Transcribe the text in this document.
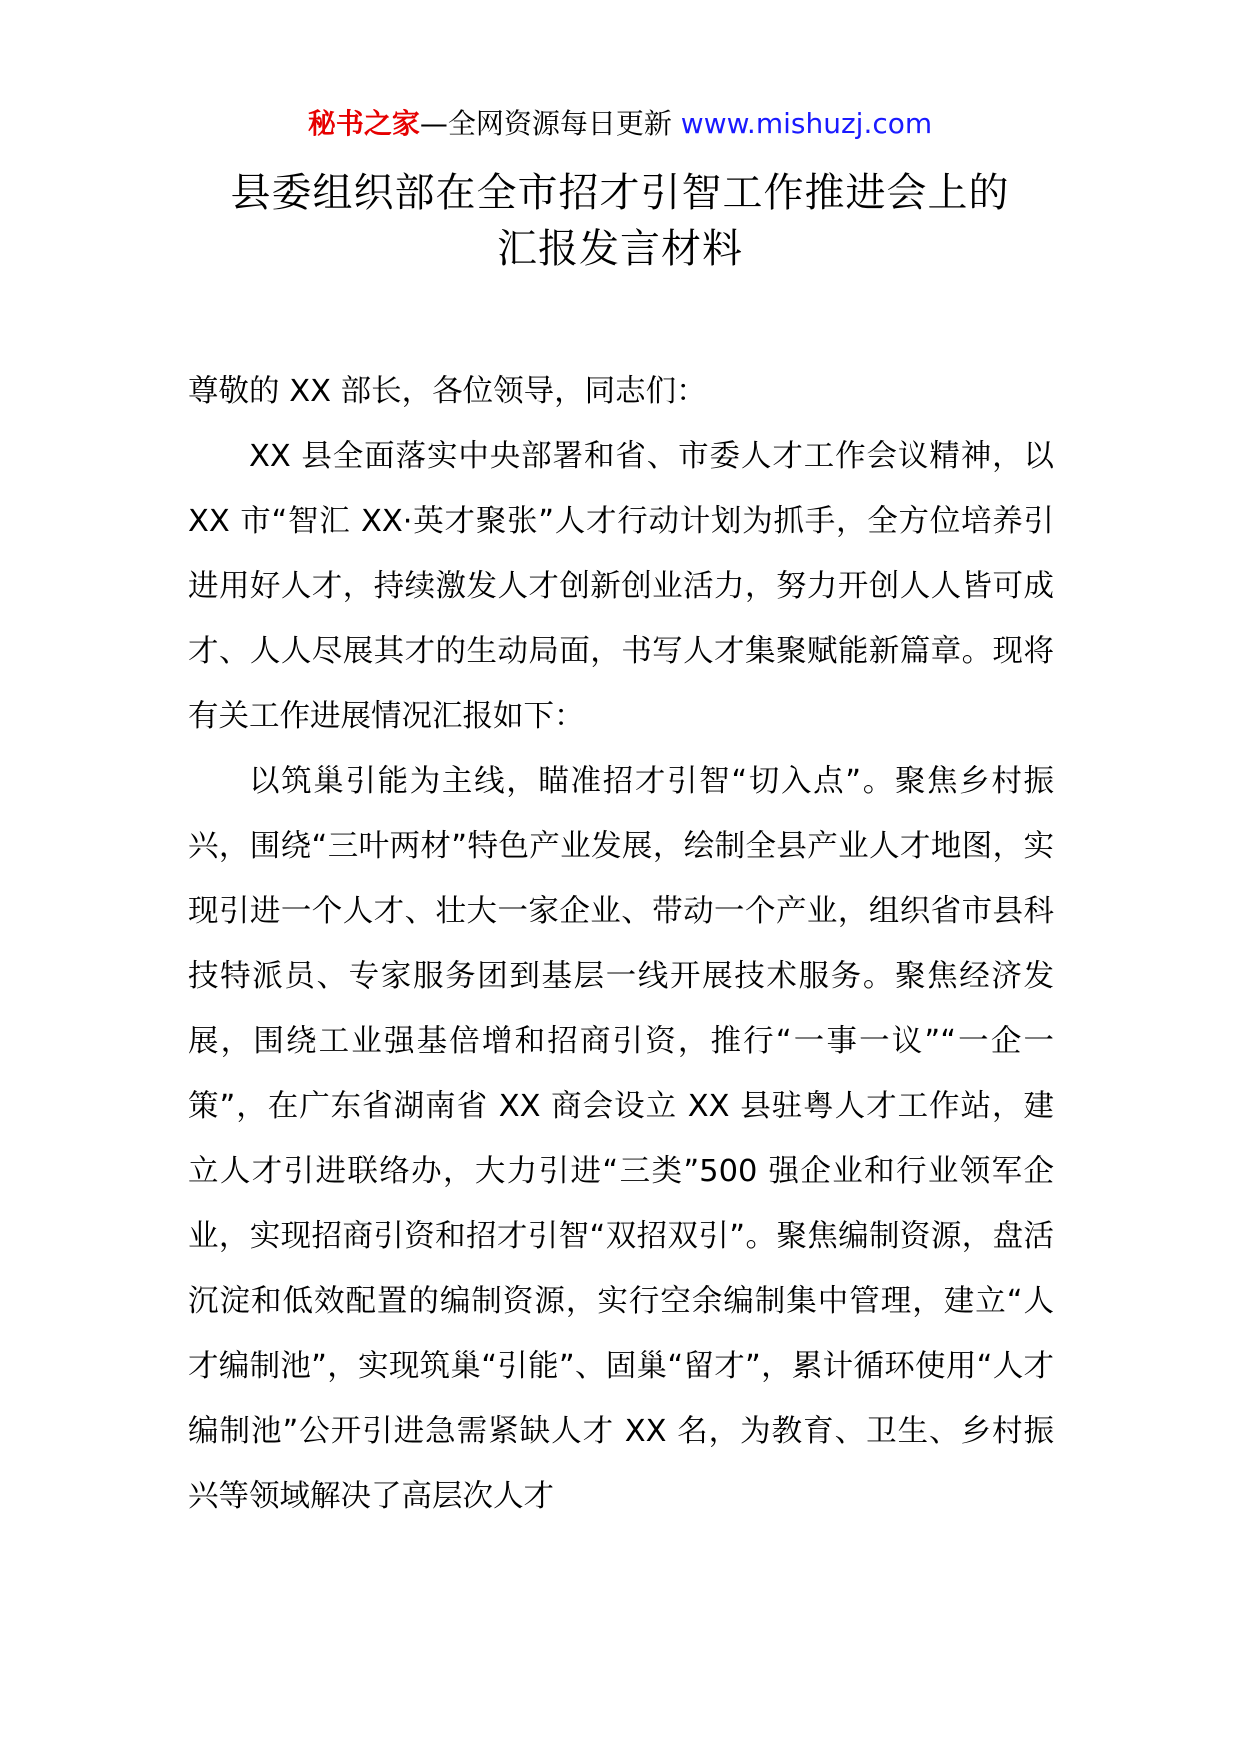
秘书之家—全网资源每日更新 www.mishuzj.com
县委组织部在全市招才引智工作推进会上的
汇报发言材料

尊敬的 XX 部长，各位领导，同志们：

XX 县全面落实中央部署和省、市委人才工作会议精神，以 XX 市“智汇 XX·英才聚张”人才行动计划为抓手，全方位培养引进用好人才，持续激发人才创新创业活力，努力开创人人皆可成才、人人尽展其才的生动局面，书写人才集聚赋能新篇章。现将有关工作进展情况汇报如下：

以筑巢引能为主线，瞄准招才引智“切入点”。聚焦乡村振兴，围绕“三叶两材”特色产业发展，绘制全县产业人才地图，实现引进一个人才、壮大一家企业、带动一个产业，组织省市县科技特派员、专家服务团到基层一线开展技术服务。聚焦经济发展，围绕工业强基倍增和招商引资，推行“一事一议”“一企一策”，在广东省湖南省 XX 商会设立 XX 县驻粤人才工作站，建立人才引进联络办，大力引进“三类”500 强企业和行业领军企业，实现招商引资和招才引智“双招双引”。聚焦编制资源，盘活沉淀和低效配置的编制资源，实行空余编制集中管理，建立“人才编制池”，实现筑巢“引能”、固巢“留才”，累计循环使用“人才编制池”公开引进急需紧缺人才 XX 名，为教育、卫生、乡村振兴等领域解决了高层次人才
